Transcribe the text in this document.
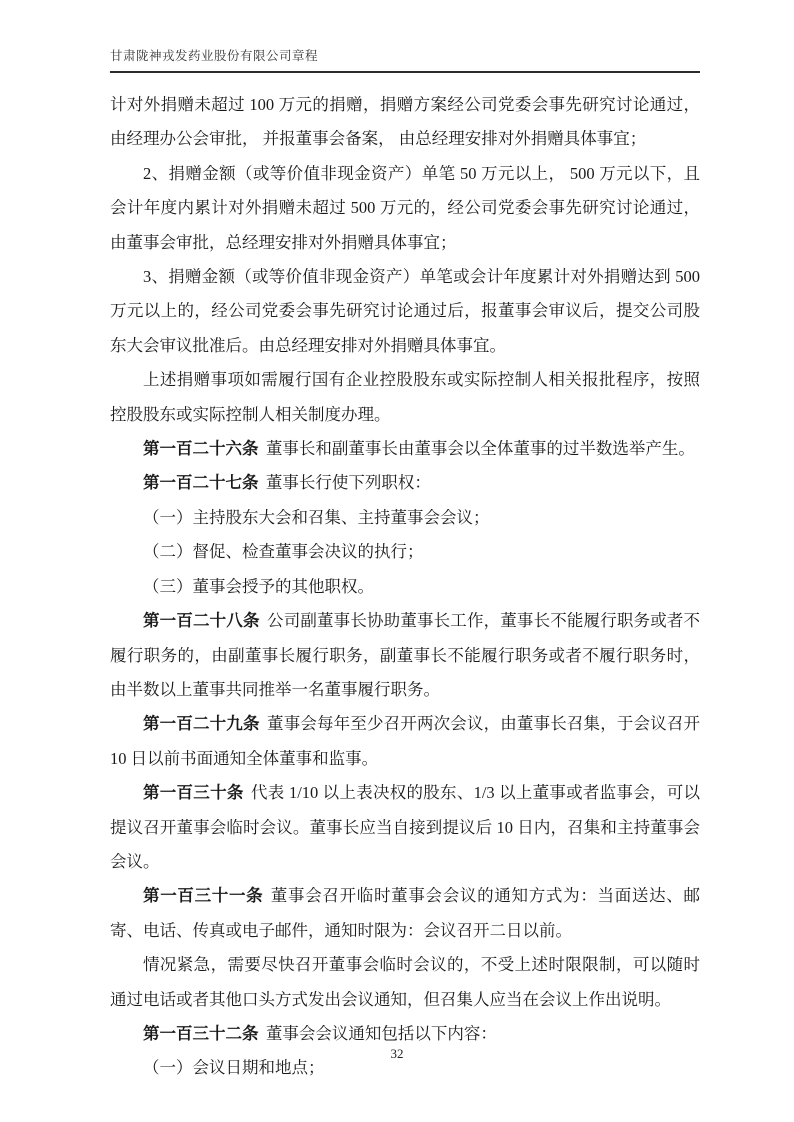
甘肃陇神戎发药业股份有限公司章程

计对外捐赠未超过 100 万元的捐赠，捐赠方案经公司党委会事先研究讨论通过，由经理办公会审批， 并报董事会备案， 由总经理安排对外捐赠具体事宜；

2、捐赠金额（或等价值非现金资产）单笔 50 万元以上， 500 万元以下，且会计年度内累计对外捐赠未超过 500 万元的，经公司党委会事先研究讨论通过，由董事会审批，总经理安排对外捐赠具体事宜；

3、捐赠金额（或等价值非现金资产）单笔或会计年度累计对外捐赠达到 500 万元以上的，经公司党委会事先研究讨论通过后，报董事会审议后，提交公司股东大会审议批准后。由总经理安排对外捐赠具体事宜。

上述捐赠事项如需履行国有企业控股股东或实际控制人相关报批程序，按照控股股东或实际控制人相关制度办理。

第一百二十六条 董事长和副董事长由董事会以全体董事的过半数选举产生。

第一百二十七条 董事长行使下列职权：

（一）主持股东大会和召集、主持董事会会议；

（二）督促、检查董事会决议的执行；

（三）董事会授予的其他职权。

第一百二十八条 公司副董事长协助董事长工作，董事长不能履行职务或者不履行职务的，由副董事长履行职务，副董事长不能履行职务或者不履行职务时，由半数以上董事共同推举一名董事履行职务。

第一百二十九条 董事会每年至少召开两次会议，由董事长召集，于会议召开 10 日以前书面通知全体董事和监事。

第一百三十条 代表 1/10 以上表决权的股东、1/3 以上董事或者监事会，可以提议召开董事会临时会议。董事长应当自接到提议后 10 日内，召集和主持董事会会议。

第一百三十一条 董事会召开临时董事会会议的通知方式为：当面送达、邮寄、电话、传真或电子邮件，通知时限为：会议召开二日以前。

情况紧急，需要尽快召开董事会临时会议的，不受上述时限限制，可以随时通过电话或者其他口头方式发出会议通知，但召集人应当在会议上作出说明。

第一百三十二条 董事会会议通知包括以下内容：

（一）会议日期和地点；

32
